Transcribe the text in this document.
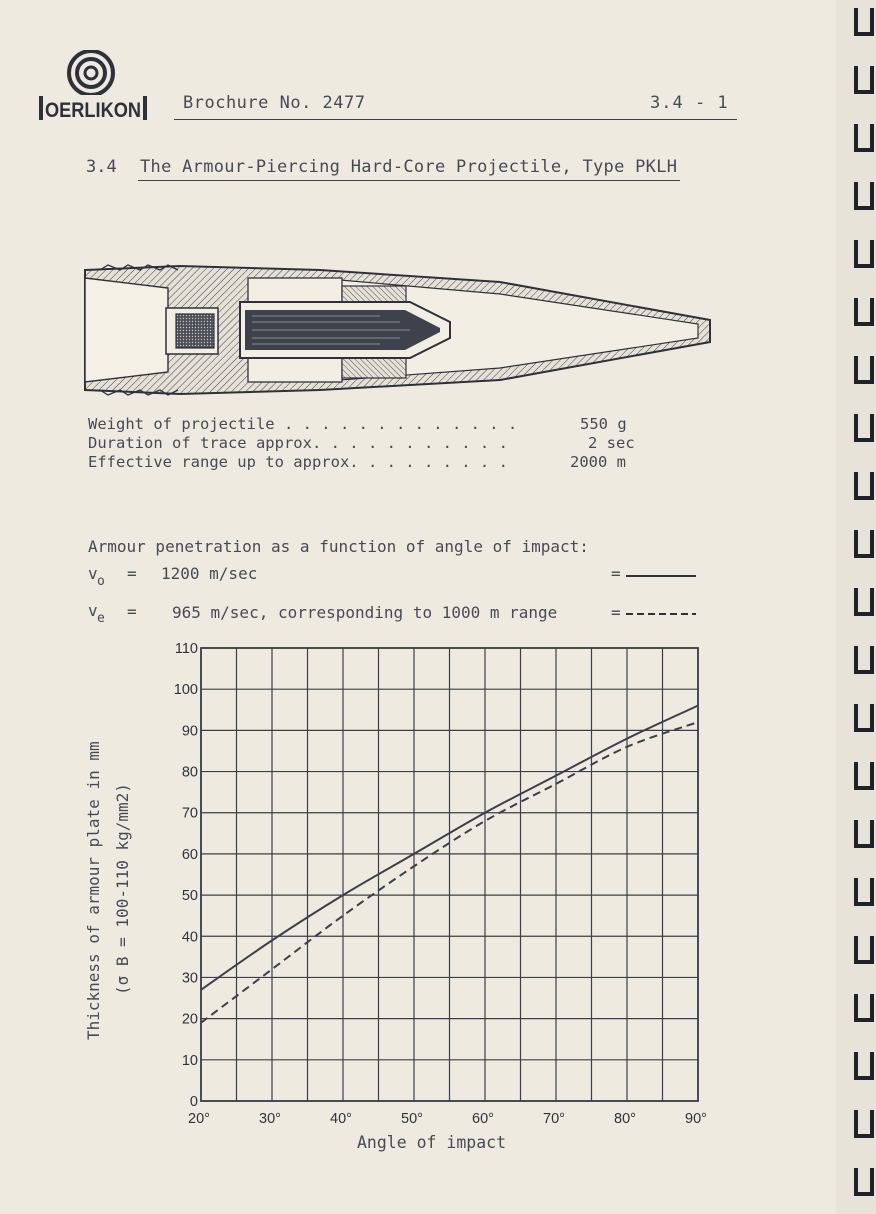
OERLIKON Brochure No. 2477	3.4 - 1
3.4 The Armour-Piercing Hard-Core Projectile, Type PKLH
Weight of projectile . . . . . . . . . . . . .	550 g
Duration of trace approx. . . . . . . . . . .	2 sec
Effective range up to approx. . . . . . . . .	2000 m
Armour penetration as a function of angle of impact:
v o = 1200 m/sec	=
v e = 965 m/sec, corresponding to 1000 m range	=
Thickness of armour plate in mm (σ B = 100-110 kg/mm2)
0
10
20
30
40
50
60
70
80
90
100
110
20°	30°	40°	50°	60°	70°	80°	90°
Angle of impact
